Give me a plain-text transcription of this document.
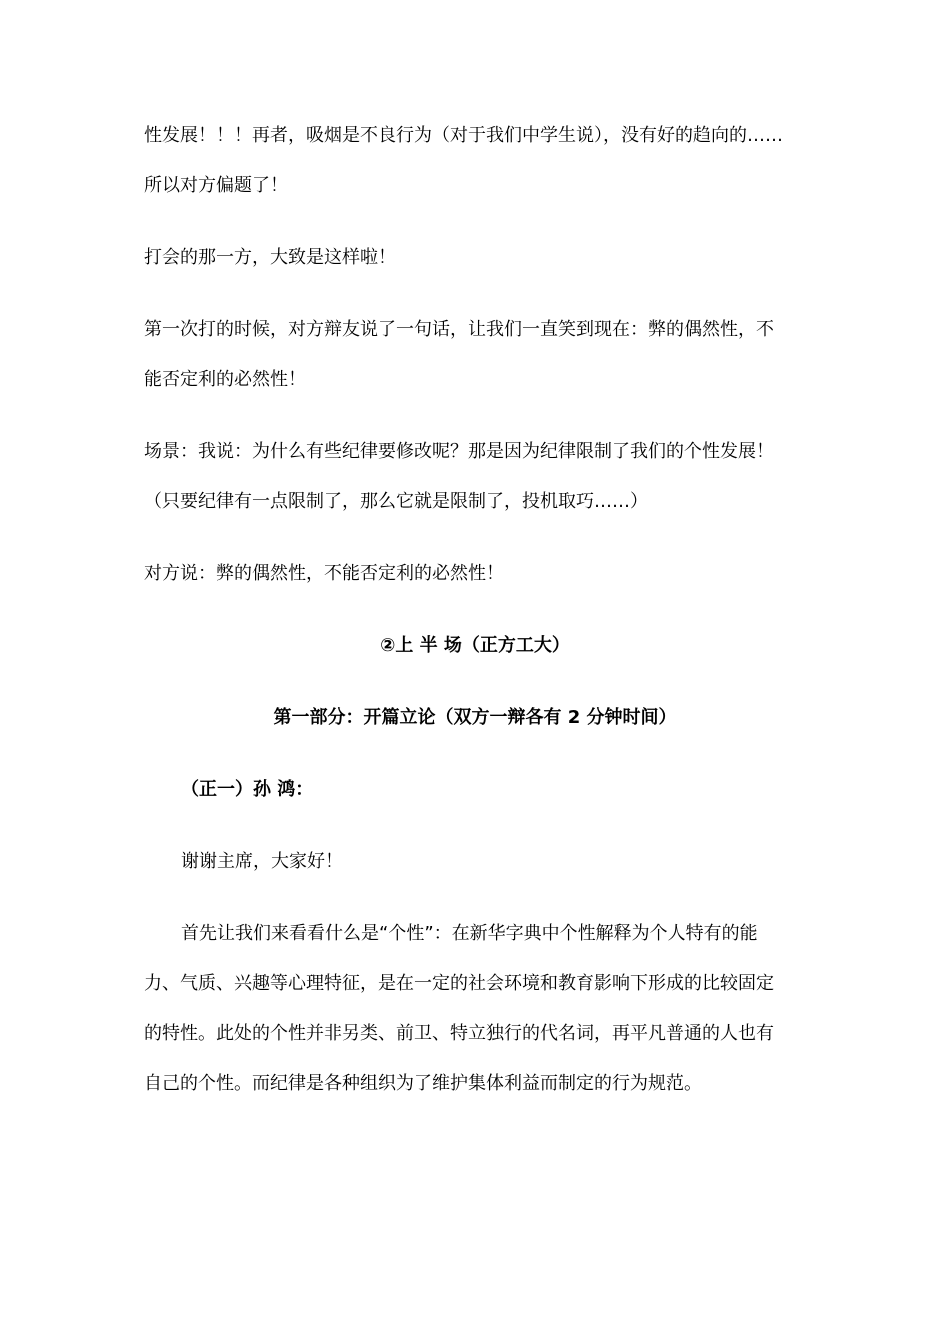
性发展！！！再者，吸烟是不良行为（对于我们中学生说），没有好的趋向的……
所以对方偏题了！
打会的那一方，大致是这样啦！
第一次打的时候，对方辩友说了一句话，让我们一直笑到现在：弊的偶然性，不
能否定利的必然性！
场景：我说：为什么有些纪律要修改呢？那是因为纪律限制了我们的个性发展！
（只要纪律有一点限制了，那么它就是限制了，投机取巧……）
对方说：弊的偶然性，不能否定利的必然性！
②上 半 场（正方工大）
第一部分：开篇立论（双方一辩各有 2 分钟时间）
（正一）孙 鸿：
谢谢主席，大家好！
首先让我们来看看什么是“个性”：在新华字典中个性解释为个人特有的能
力、气质、兴趣等心理特征，是在一定的社会环境和教育影响下形成的比较固定
的特性。此处的个性并非另类、前卫、特立独行的代名词，再平凡普通的人也有
自己的个性。而纪律是各种组织为了维护集体利益而制定的行为规范。
